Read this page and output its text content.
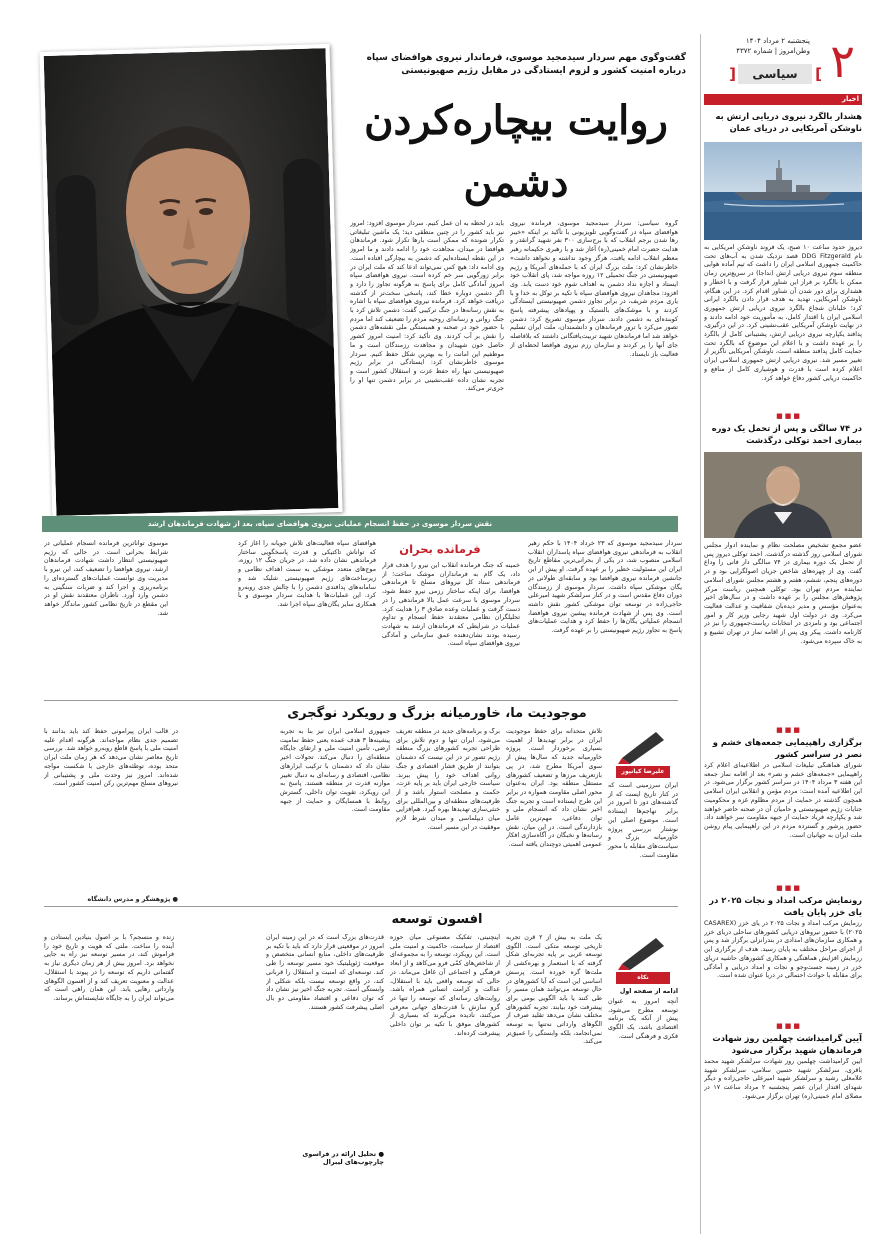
۲
پنجشنبه ۲ مرداد ۱۴۰۴
وطن‌امروز | شماره ۴۳۷۲
[	سیاسی	]
اخبار
هشدار بالگرد نیروی دریایی ارتش به ناوشکن آمریکایی در دریای عمان
دیروز حدود ساعت ۱۰ صبح، یک فروند ناوشکن آمریکایی به نام DDG Fitzgerald قصد نزدیک شدن به آب‌های تحت حاکمیت جمهوری اسلامی ایران را داشت که تیم آماده هوایی منطقه سوم نیروی دریایی ارتش (نداجا) در سریع‌ترین زمان ممکن با بالگرد بر فراز این شناور قرار گرفت و با اخطار و هشداری برای دور شدن آن شناور اقدام کرد. در این هنگام، ناوشکن آمریکایی، تهدید به هدف قرار دادن بالگرد ایرانی کرد؛ خلبانان شجاع بالگرد نیروی دریایی ارتش جمهوری اسلامی ایران با اقتدار کامل، به مأموریت خود ادامه دادند و در نهایت ناوشکن آمریکایی عقب‌نشینی کرد. در این درگیری، پدافند یکپارچه نیروی دریایی ارتش، پشتیبانی کامل از بالگرد را بر عهده داشت و با اعلام این موضوع که بالگرد تحت حمایت کامل پدافند منطقه است، ناوشکن آمریکایی ناگزیر از تغییر مسیر شد. نیروی دریایی ارتش جمهوری اسلامی ایران اعلام کرده است با قدرت و هوشیاری کامل از منافع و حاکمیت دریایی کشور دفاع خواهد کرد.
■■■
در ۷۴ سالگی و پس از تحمل یک دوره بیماری احمد توکلی درگذشت
عضو مجمع تشخیص مصلحت نظام و نماینده ادوار مجلس شورای اسلامی روز گذشته درگذشت. احمد توکلی دیروز پس از تحمل یک دوره بیماری در ۷۴ سالگی دار فانی را وداع گفت. وی از چهره‌های شاخص جریان اصولگرایی بود و در دوره‌های پنجم، ششم، هفتم و هشتم مجلس شورای اسلامی نماینده مردم تهران بود. توکلی همچنین ریاست مرکز پژوهش‌های مجلس را بر عهده داشت و در سال‌های اخیر به‌عنوان مؤسس و مدیر دیده‌بان شفافیت و عدالت فعالیت می‌کرد. وی در دولت اول شهید رجایی وزیر کار و امور اجتماعی بود و نامزدی در انتخابات ریاست‌جمهوری را نیز در کارنامه داشت. پیکر وی پس از اقامه نماز در تهران تشییع و به خاک سپرده می‌شود.
■■■
برگزاری راهپیمایی جمعه‌های خشم و نصر در سراسر کشور
شورای هماهنگی تبلیغات اسلامی در اطلاعیه‌ای اعلام کرد راهپیمایی «جمعه‌های خشم و نصر» بعد از اقامه نماز جمعه این هفته ۳ مرداد ۱۴۰۴ در سراسر کشور برگزار می‌شود. در این اطلاعیه آمده است: مردم مؤمن و انقلابی ایران اسلامی همچون گذشته در حمایت از مردم مظلوم غزه و محکومیت جنایات رژیم صهیونیستی و حامیان آن در صحنه حاضر خواهند شد و یکپارچه فریاد حمایت از جبهه مقاومت سر خواهند داد. حضور پرشور و گسترده مردم در این راهپیمایی پیام روشن ملت ایران به جهانیان است.
■■■
رونمایش مرکب امداد و نجات ۲۰۲۵ در یای خزر پایان یافت
رزمایش مرکب امداد و نجات ۲۰۲۵ در یای خزر (CASAREX ۲۰۲۵) با حضور نیروهای دریایی کشورهای ساحلی دریای خزر و همکاری سازمان‌های امدادی در بندرانزلی برگزار شد و پس از اجرای مراحل مختلف به پایان رسید. هدف از برگزاری این رزمایش افزایش هماهنگی و همکاری کشورهای حاشیه دریای خزر در زمینه جست‌وجو و نجات و امداد دریایی و آمادگی برای مقابله با حوادث احتمالی در دریا عنوان شده است.
■■■
آیین گرامیداشت چهلمین روز شهادت فرماندهان شهید برگزار می‌شود
آیین گرامیداشت چهلمین روز شهادت سرلشکر شهید محمد باقری، سرلشکر شهید حسین سلامی، سرلشکر شهید غلامعلی رشید و سرلشکر شهید امیرعلی حاجی‌زاده و دیگر شهدای اقتدار ایران عصر پنجشنبه ۲ مرداد ساعت ۱۷ در مصلای امام خمینی(ره) تهران برگزار می‌شود.
گفت‌وگوی مهم سردار سیدمجید موسوی، فرماندار نیروی هوافضای سپاه درباره امنیت کشور و لزوم ایستادگی در مقابل رژیم صهیونیستی
روایت بیچاره‌کردن
دشمن
گروه سیاسی: سردار سیدمجید موسوی، فرمانده نیروی هوافضای سپاه در گفت‌وگویی تلویزیونی با تأکید بر اینکه «خیبر رها شدن برجم انقلاب که با برج‌سازی ۳۰۰ نفر شهید گرانقدر و هدایت حضرت امام خمینی(ره) آغاز شد و با رهبری حکیمانه رهبر معظم انقلاب ادامه یافت، هرگز وجود نداشته و نخواهد داشت» خاطرنشان کرد: ملت بزرگ ایران که با حمله‌های آمریکا و رژیم صهیونیستی در جنگ تحمیلی ۱۲ روزه مواجه شد، پای انقلاب خود ایستاد و اجازه نداد دشمن به اهداف شوم خود دست یابد. وی افزود: مجاهدان نیروی هوافضای سپاه با تکیه بر توکل به خدا و با یاری مردم شریف، در برابر تجاوز دشمن صهیونیستی ایستادگی کردند و با موشک‌های بالستیک و پهپادهای پیشرفته پاسخ کوبنده‌ای به دشمن دادند. سردار موسوی تصریح کرد: دشمن تصور می‌کرد با ترور فرماندهان و دانشمندان، ملت ایران تسلیم خواهد شد اما فرماندهان شهید تربیت‌یافتگانی داشتند که بلافاصله جای آنها را پر کردند و سازمان رزم نیروی هوافضا لحظه‌ای از فعالیت باز نایستاد.
باید در لحظه به آن عمل کنیم. سردار موسوی افزود: امروز نیز باید کشور را در چنین منطقی دید؛ یک ماشین تبلیغاتی تکرار شونده که ممکن است بارها تکرار شود. فرماندهان هوافضا در میدان، مجاهدت خود را ادامه دادند و ما امروز در این نقطه ایستاده‌ایم که دشمن به بیچارگی افتاده است. وی ادامه داد: هیچ کس نمی‌تواند ادعا کند که ملت ایران در برابر زورگویی سر خم کرده است. نیروی هوافضای سپاه امروز آمادگی کامل برای پاسخ به هرگونه تجاوز را دارد و اگر دشمن دوباره خطا کند، پاسخی سخت‌تر از گذشته دریافت خواهد کرد. فرمانده نیروی هوافضای سپاه با اشاره به نقش رسانه‌ها در جنگ ترکیبی گفت: دشمن تلاش کرد با جنگ روانی و رسانه‌ای روحیه مردم را تضعیف کند اما مردم با حضور خود در صحنه و همبستگی ملی نقشه‌های دشمن را نقش بر آب کردند. وی تأکید کرد: امنیت امروز کشور حاصل خون شهیدان و مجاهدت رزمندگان است و ما موظفیم این امانت را به بهترین شکل حفظ کنیم. سردار موسوی خاطرنشان کرد: ایستادگی در برابر رژیم صهیونیستی تنها راه حفظ عزت و استقلال کشور است و تجربه نشان داده عقب‌نشینی در برابر دشمن تنها او را جری‌تر می‌کند.
نقش سردار موسوی در حفظ انسجام عملیاتی نیروی هوافضای سپاه، بعد از شهادت فرماندهان ارشد
فرمانده بحران	سردار سیدمجید موسوی که ۲۳ خرداد ۱۴۰۴ با حکم رهبر انقلاب به فرماندهی نیروی هوافضای سپاه پاسداران انقلاب اسلامی منصوب شد، در یکی از بحرانی‌ترین مقاطع تاریخ ایران این مسئولیت خطیر را بر عهده گرفت. او پیش از این جانشین فرمانده نیروی هوافضا بود و سابقه‌ای طولانی در یگان موشکی سپاه داشت. سردار موسوی از رزمندگان دوران دفاع مقدس است و در کنار سرلشکر شهید امیرعلی حاجی‌زاده در توسعه توان موشکی کشور نقش داشته است. وی پس از شهادت فرمانده پیشین نیروی هوافضا، انسجام عملیاتی یگان‌ها را حفظ کرد و هدایت عملیات‌های پاسخ به تجاوز رژیم صهیونیستی را بر عهده گرفت.
خمینه که جنگ فرمانده انقلاب این نیرو را هدف قرار داد، یک گام به فرمانداران موشک ساخت؛ از فرماندهی ستاد کل نیروهای مسلح تا فرماندهی هوافضا، برای اینکه ساختار رزمی نیرو حفظ شود، سردار موسوی با سرعت عمل بالا فرماندهی را در دست گرفت و عملیات وعده صادق ۳ را هدایت کرد. تحلیلگران نظامی معتقدند حفظ انسجام و تداوم عملیات در شرایطی که فرماندهان ارشد به شهادت رسیده بودند نشان‌دهنده عمق سازمانی و آمادگی نیروی هوافضای سپاه است.
هوافضای سپاه فعالیت‌های تلاش جویانه را آغاز کرد که تواناش تاکتیکی و قدرت پاسخگویی ساختار فرماندهی نشان داده شد. در جریان جنگ ۱۲ روزه، موج‌های متعدد موشکی به سمت اهداف نظامی و زیرساخت‌های رژیم صهیونیستی شلیک شد و سامانه‌های پدافندی دشمن را با چالش جدی روبه‌رو کرد. این عملیات‌ها با هدایت سردار موسوی و با همکاری سایر یگان‌های سپاه اجرا شد.
موسوی تواناترین فرمانده انسجام عملیاتی در شرایط بحرانی است. در حالی که رژیم صهیونیستی انتظار داشت شهادت فرماندهان ارشد، نیروی هوافضا را تضعیف کند، این نیرو با مدیریت وی توانست عملیات‌های گسترده‌ای را برنامه‌ریزی و اجرا کند و ضربات سنگینی به دشمن وارد آورد. ناظران معتقدند نقش او در این مقطع در تاریخ نظامی کشور ماندگار خواهد شد.
موجودیت ما، خاورمیانه بزرگ و رویکرد نوگجری
علیرضا کیانپور
ایران سرزمینی است که در کنار تاریخ ایست که از گذشته‌های دور تا امروز در برابر تهاجم‌ها ایستاده است. موضوع اصلی این نوشتار بررسی پروژه خاورمیانه بزرگ و سیاست‌های مقابله با محور مقاومت است.
تلاش متحدانه برای حفظ موجودیت ایران در برابر تهدیدها از اهمیت بسیاری برخوردار است. پروژه خاورمیانه جدید که سال‌ها پیش از سوی آمریکا مطرح شد، در پی بازتعریف مرزها و تضعیف کشورهای مستقل منطقه بود. ایران به‌عنوان محور اصلی مقاومت همواره در برابر این طرح ایستاده است و تجربه جنگ اخیر نشان داد که انسجام ملی و توان دفاعی، مهم‌ترین عامل بازدارندگی است. در این میان، نقش رسانه‌ها و نخبگان در آگاه‌سازی افکار عمومی اهمیتی دوچندان یافته است.
برگ و برنامه‌های جدید در منطقه تعریف می‌شود، ایران تنها و دوم تلاش برای طراحی تجربه کشورهای بزرگ منطقه رژیم تصور تر در این نیست که دشمنان بتوانند از طریق فشار اقتصادی و جنگ روانی اهداف خود را پیش ببرند. سیاست خارجی ایران باید بر پایه عزت، حکمت و مصلحت استوار باشد و از ظرفیت‌های منطقه‌ای و بین‌المللی برای خنثی‌سازی تهدیدها بهره گیرد. هم‌افزایی میان دیپلماسی و میدان شرط لازم موفقیت در این مسیر است.
جمهوری اسلامی ایران نیز بنا به تجربه پیشینه‌ها ۳ هدف عمده یعنی حفظ تمامیت ارضی، تأمین امنیت ملی و ارتقای جایگاه منطقه‌ای را دنبال می‌کند. تحولات اخیر نشان داد که دشمنان با ترکیب ابزارهای نظامی، اقتصادی و رسانه‌ای به دنبال تغییر موازنه قدرت در منطقه هستند. پاسخ به این رویکرد، تقویت توان داخلی، گسترش روابط با همسایگان و حمایت از جبهه مقاومت است.
در قالب ایران پیرامونی حفظ کند باید بدانند با تصمیم جدی نظام مواجه‌اند. هرگونه اقدام علیه امنیت ملی با پاسخ قاطع روبه‌رو خواهد شد. بررسی تاریخ معاصر نشان می‌دهد که هر زمان ملت ایران متحد بوده، توطئه‌های خارجی با شکست مواجه شده‌اند. امروز نیز وحدت ملی و پشتیبانی از نیروهای مسلح مهم‌ترین رکن امنیت کشور است.
● پژوهشگر و مدرس دانشگاه
افسون توسعه
نکاه
ادامه از صفحه اول
آنچه امروز به عنوان توسعه مطرح می‌شود، پیش از آنکه یک برنامه اقتصادی باشد، یک الگوی فکری و فرهنگی است.
یک ملت به بیش از ۲ قرن تجربه تاریخی توسعه متکی است. الگوی توسعه غربی بر پایه تجربه‌ای شکل گرفته که با استعمار و بهره‌کشی از ملت‌ها گره خورده است. پرسش اساسی این است که آیا کشورهای در حال توسعه می‌توانند همان مسیر را طی کنند یا باید الگویی بومی برای پیشرفت خود بیابند. تجربه کشورهای مختلف نشان می‌دهد تقلید صرف از الگوهای وارداتی نه‌تنها به توسعه نمی‌انجامد، بلکه وابستگی را عمیق‌تر می‌کند.
اینچنینی، تفکیک مصنوعی میان حوزه اقتصاد از سیاست، حاکمیت و امنیت ملی است. این رویکرد، توسعه را به مجموعه‌ای از شاخص‌های کمّی فرو می‌کاهد و از ابعاد فرهنگی و اجتماعی آن غافل می‌ماند. در حالی که توسعه واقعی باید با استقلال، عدالت و کرامت انسانی همراه باشد. روایت‌های رسانه‌ای که توسعه را تنها در گرو سازش با قدرت‌های جهانی معرفی می‌کنند، نادیده می‌گیرند که بسیاری از کشورهای موفق با تکیه بر توان داخلی پیشرفت کرده‌اند.
قدرت‌های بزرگ است که در این زمینه ایران امروز در موقعیتی قرار دارد که باید با تکیه بر ظرفیت‌های داخلی، منابع انسانی متخصص و موقعیت ژئوپلیتیک خود مسیر توسعه را طی کند. توسعه‌ای که امنیت و استقلال را قربانی کند، در واقع توسعه نیست بلکه شکلی از وابستگی است. تجربه جنگ اخیر نیز نشان داد که توان دفاعی و اقتصاد مقاومتی دو بال اصلی پیشرفت کشور هستند.
● تحلیل ارائه در فراسوی چارچوب‌های لیبرال
زنده و منسجم؟ با بر اصول بنیادین ایستادن و آینده را ساخت. ملتی که هویت و تاریخ خود را فراموش کند، در مسیر توسعه نیز راه به جایی نخواهد برد. امروز بیش از هر زمان دیگری نیاز به گفتمانی داریم که توسعه را در پیوند با استقلال، عدالت و معنویت تعریف کند و از افسون الگوهای وارداتی رهایی یابد. این همان راهی است که می‌تواند ایران را به جایگاه شایسته‌اش برساند.
